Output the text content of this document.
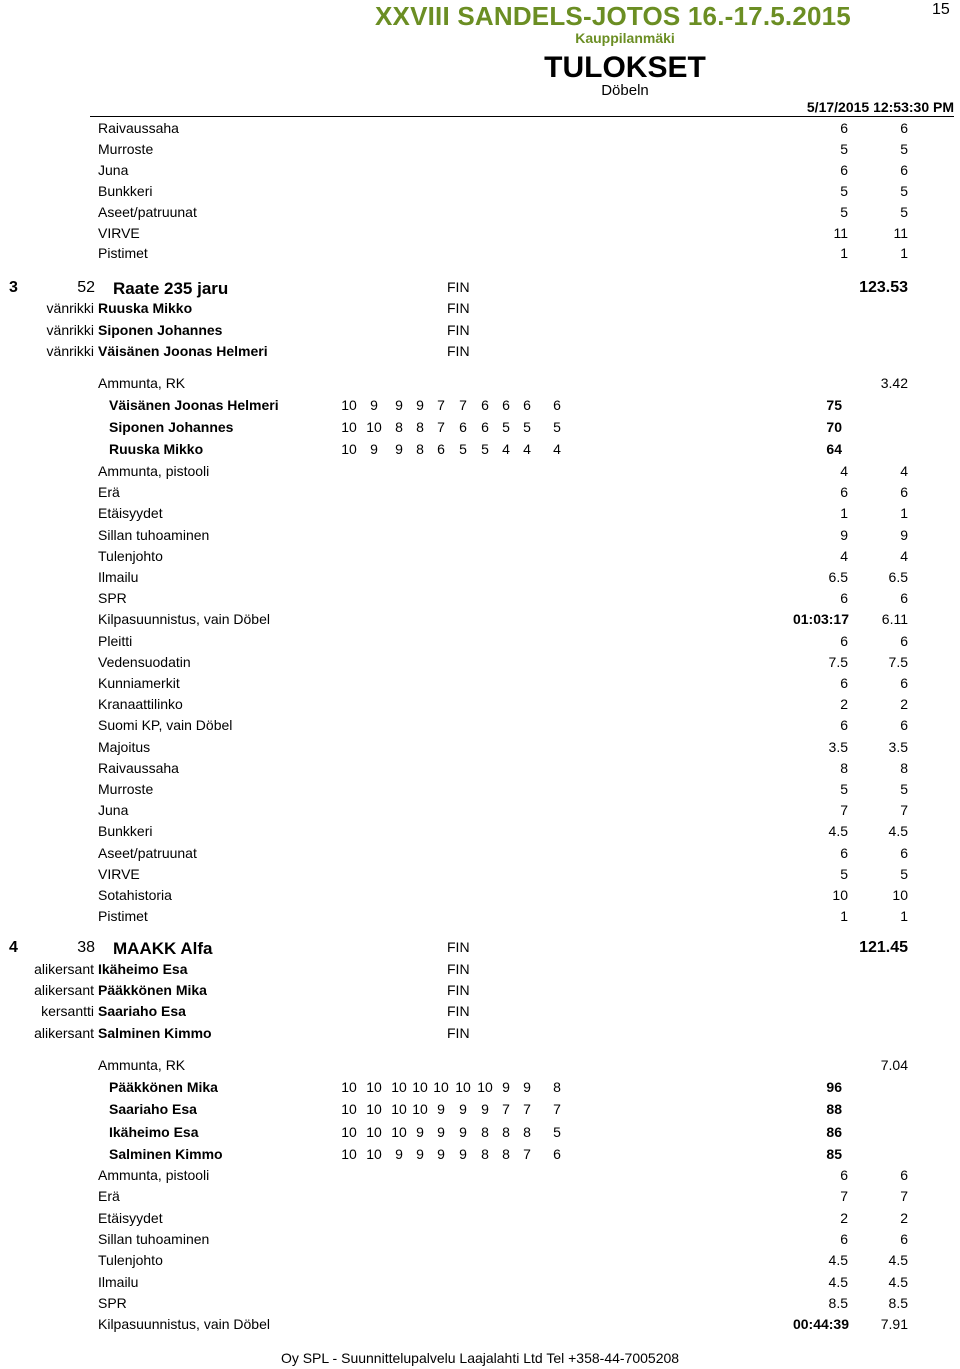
XXVIII SANDELS-JOTOS 16.-17.5.2015	15
Kauppilanmäki
TULOKSET
Döbeln
5/17/2015 12:53:30 PM
Raivaussaha	6	6
Murroste	5	5
Juna	6	6
Bunkkeri	5	5
Aseet/patruunat	5	5
VIRVE	11	11
Pistimet	1	1
3	52 Raate 235 jaru	FIN	123.53
vänrikki Ruuska Mikko	FIN
vänrikki Siponen Johannes	FIN
vänrikki Väisänen Joonas Helmeri	FIN
Ammunta, RK	3.42
Väisänen Joonas Helmeri	10 9 9 9 7 7 6 6 6 6	75
Siponen Johannes	10 10 8 8 7 6 6 5 5 5	70
Ruuska Mikko	10 9 9 8 6 5 5 4 4 4	64
Ammunta, pistooli	4	4
Erä	6	6
Etäisyydet	1	1
Sillan tuhoaminen	9	9
Tulenjohto	4	4
Ilmailu	6.5	6.5
SPR	6	6
Kilpasuunnistus, vain Döbel	01:03:17 6.11
Pleitti	6	6
Vedensuodatin	7.5	7.5
Kunniamerkit	6	6
Kranaattilinko	2	2
Suomi KP, vain Döbel	6	6
Majoitus	3.5	3.5
Raivaussaha	8	8
Murroste	5	5
Juna	7	7
Bunkkeri	4.5	4.5
Aseet/patruunat	6	6
VIRVE	5	5
Sotahistoria	10	10
Pistimet	1	1
4	38 MAAKK Alfa	FIN	121.45
alikersant Ikäheimo Esa	FIN
alikersant Pääkkönen Mika	FIN
kersantti Saariaho Esa	FIN
alikersant Salminen Kimmo	FIN
Ammunta, RK	7.04
Pääkkönen Mika	10 10 10 10 10 10 10 9 9 8	96
Saariaho Esa	10 10 10 10 9 9 9 7 7 7	88
Ikäheimo Esa	10 10 10 9 9 9 8 8 8 5	86
Salminen Kimmo	10 10 9 9 9 9 8 8 7 6	85
Ammunta, pistooli	6	6
Erä	7	7
Etäisyydet	2	2
Sillan tuhoaminen	6	6
Tulenjohto	4.5	4.5
Ilmailu	4.5	4.5
SPR	8.5	8.5
Kilpasuunnistus, vain Döbel	00:44:39 7.91
Oy SPL - Suunnittelupalvelu Laajalahti Ltd Tel +358-44-7005208
